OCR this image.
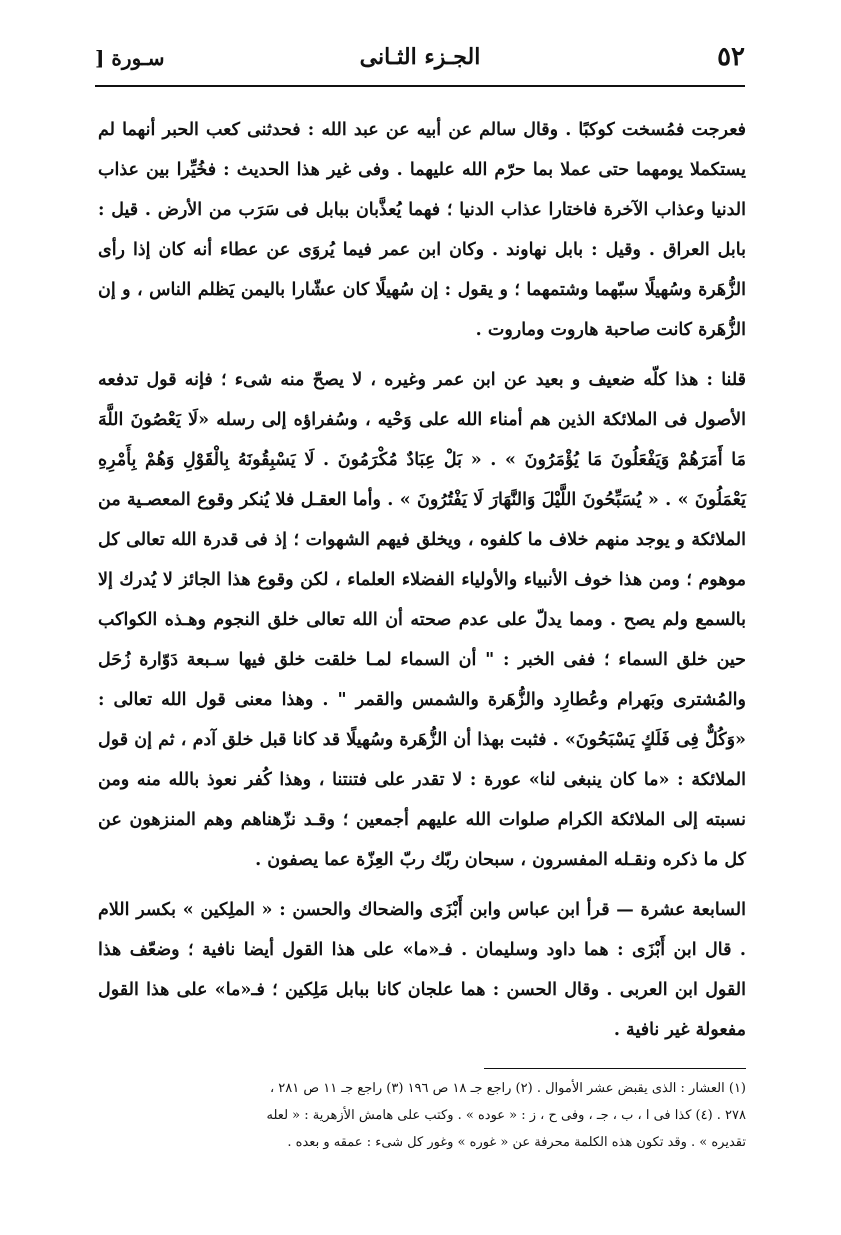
٥٢
الجـزء الثـانى
سـورة [

فعرجت فمُسخت كوكبًا . وقال سالم عن أبيه عن عبد الله : فحدثنى كعب الحبر أنهما لم يستكملا يومهما حتى عملا بما حرّم الله عليهما . وفى غير هذا الحديث : فخُيِّرا بين عذاب الدنيا وعذاب الآخرة فاختارا عذاب الدنيا ؛ فهما يُعذَّبان ببابل فى سَرَب من الأرض . قيل : بابل العراق . وقيل : بابل نهاوند . وكان ابن عمر فيما يُروَى عن عطاء أنه كان إذا رأى الزُّهَرة وسُهيلًا سبّهما وشتمهما ؛ و يقول : إن سُهيلًا كان عشّارا باليمن يَظلم الناس ، و إن الزُّهَرة كانت صاحبة هاروت وماروت .

قلنا : هذا كلّه ضعيف و بعيد عن ابن عمر وغيره ، لا يصحّ منه شىء ؛ فإنه قول تدفعه الأصول فى الملائكة الذين هم أمناء الله على وَحْيه ، وسُفراؤه إلى رسله «لَا يَعْصُونَ اللَّهَ مَا أَمَرَهُمْ وَيَفْعَلُونَ مَا يُؤْمَرُونَ » . « بَلْ عِبَادٌ مُكْرَمُونَ . لَا يَسْبِقُونَهُ بِالْقَوْلِ وَهُمْ بِأَمْرِهِ يَعْمَلُونَ » . « يُسَبِّحُونَ اللَّيْلَ وَالنَّهَارَ لَا يَفْتُرُونَ » . وأما العقـل فلا يُنكر وقوع المعصـية من الملائكة و يوجد منهم خلاف ما كلفوه ، ويخلق فيهم الشهوات ؛ إذ فى قدرة الله تعالى كل موهوم ؛ ومن هذا خوف الأنبياء والأولياء الفضلاء العلماء ، لكن وقوع هذا الجائز لا يُدرك إلا بالسمع ولم يصح . ومما يدلّ على عدم صحته أن الله تعالى خلق النجوم وهـذه الكواكب حين خلق السماء ؛ ففى الخبر : " أن السماء لمـا خلقت خلق فيها سـبعة دَوّارة زُحَل والمُشترى وبَهرام وعُطارِد والزُّهَرة والشمس والقمر " . وهذا معنى قول الله تعالى : «وَكُلٌّ فِى فَلَكٍ يَسْبَحُونَ» . فثبت بهذا أن الزُّهَرة وسُهيلًا قد كانا قبل خلق آدم ، ثم إن قول الملائكة : «ما كان ينبغى لنا» عورة : لا تقدر على فتنتنا ، وهذا كُفر نعوذ بالله منه ومن نسبته إلى الملائكة الكرام صلوات الله عليهم أجمعين ؛ وقـد نزّهناهم وهم المنزهون عن كل ما ذكره ونقـله المفسرون ، سبحان ربّك ربّ العِزّة عما يصفون .

السابعة عشرة — قرأ ابن عباس وابن أَبْزَى والضحاك والحسن : « الملِكين » بكسر اللام . قال ابن أَبْزَى : هما داود وسليمان . فـ«ما» على هذا القول أيضا نافية ؛ وضعّف هذا القول ابن العربى . وقال الحسن : هما علجان كانا ببابل مَلِكين ؛ فـ«ما» على هذا القول مفعولة غير نافية .

(١) العشار : الذى يقبض عشر الأموال . (٢) راجع جـ ١٨ ص ١٩٦ (٣) راجع جـ ١١ ص ٢٨١ ،

٢٧٨ . (٤) كذا فى ا ، ب ، جـ ، وفى ح ، ز : « عوده » . وكتب على هامش الأزهرية : « لعله

تقديره » . وقد تكون هذه الكلمة محرفة عن « غوره » وغور كل شىء : عمقه و بعده .
